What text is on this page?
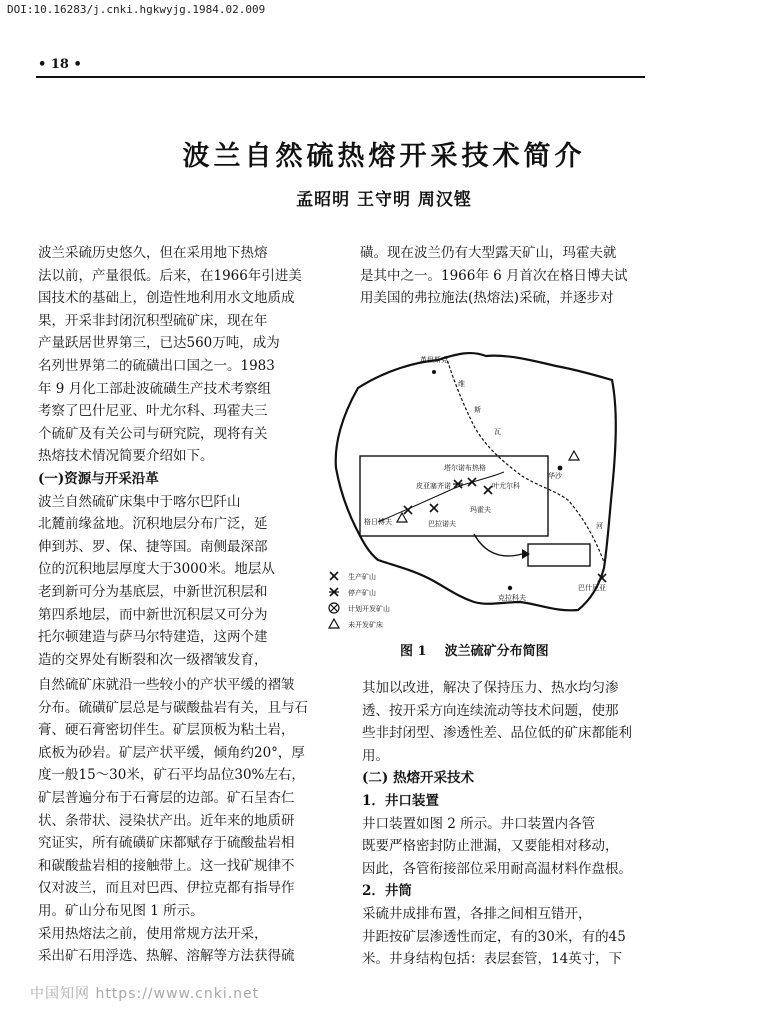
DOI:10.16283/j.cnki.hgkwyjg.1984.02.009
• 18 •
波兰自然硫热熔开采技术简介
孟昭明 王守明 周汉铿
波兰采硫历史悠久，但在采用地下热熔
法以前，产量很低。后来，在1966年引进美
国技术的基础上，创造性地利用水文地质成
果，开采非封闭沉积型硫矿床，现在年
产量跃居世界第三，已达560万吨，成为
名列世界第二的硫磺出口国之一。1983
年 9 月化工部赴波硫磺生产技术考察组
考察了巴什尼亚、叶尤尔科、玛霍夫三
个硫矿及有关公司与研究院，现将有关
热熔技术情况简要介绍如下。
(一)资源与开采沿革
波兰自然硫矿床集中于喀尔巴阡山
北麓前缘盆地。沉积地层分布广泛，延
伸到苏、罗、保、捷等国。南侧最深部
位的沉积地层厚度大于3000米。地层从
老到新可分为基底层，中新世沉积层和
第四系地层，而中新世沉积层又可分为
托尔顿建造与萨马尔特建造，这两个建
造的交界处有断裂和次一级褶皱发育，
自然硫矿床就沿一些较小的产状平缓的褶皱
分布。硫磺矿层总是与碳酸盐岩有关，且与石
膏、硬石膏密切伴生。矿层顶板为粘土岩，
底板为砂岩。矿层产状平缓，倾角约20°，厚
度一般15～30米，矿石平均品位30%左右，
矿层普遍分布于石膏层的边部。矿石呈杏仁
状、条带状、浸染状产出。近年来的地质研
究证实，所有硫磺矿床都赋存于硫酸盐岩相
和碳酸盐岩相的接触带上。这一找矿规律不
仅对波兰，而且对巴西、伊拉克都有指导作
用。矿山分布见图 1 所示。
采用热熔法之前，使用常规方法开采，
采出矿石用浮选、热解、溶解等方法获得硫
磺。现在波兰仍有大型露天矿山，玛霍夫就
是其中之一。1966年 6 月首次在格日博夫试
用美国的弗拉施法(热熔法)采硫，并逐步对
其加以改进，解决了保持压力、热水均匀渗
透、按开采方向连续流动等技术问题，使那
些非封闭型、渗透性差、品位低的矿床都能利
用。
(二) 热熔开采技术
1．井口装置
井口装置如图 2 所示。井口装置内各管
既要严格密封防止泄漏，又要能相对移动，
因此，各管衔接部位采用耐高温材料作盘根。
2．井筒
采硫井成排布置，各排之间相互错开，
井距按矿层渗透性而定，有的30米，有的45
米。井身结构包括：表层套管，14英寸，下
革但斯克
维
斯
瓦
河
塔尔诺布热格
皮亚塞齐诺	叶尤尔科
玛霍夫
格日博夫	巴拉诺夫
华沙
克拉科夫
巴什尼亚
生产矿山
停产矿山
计划开发矿山
未开发矿床
图 1    波兰硫矿分布简图
中国知网 https://www.cnki.net
